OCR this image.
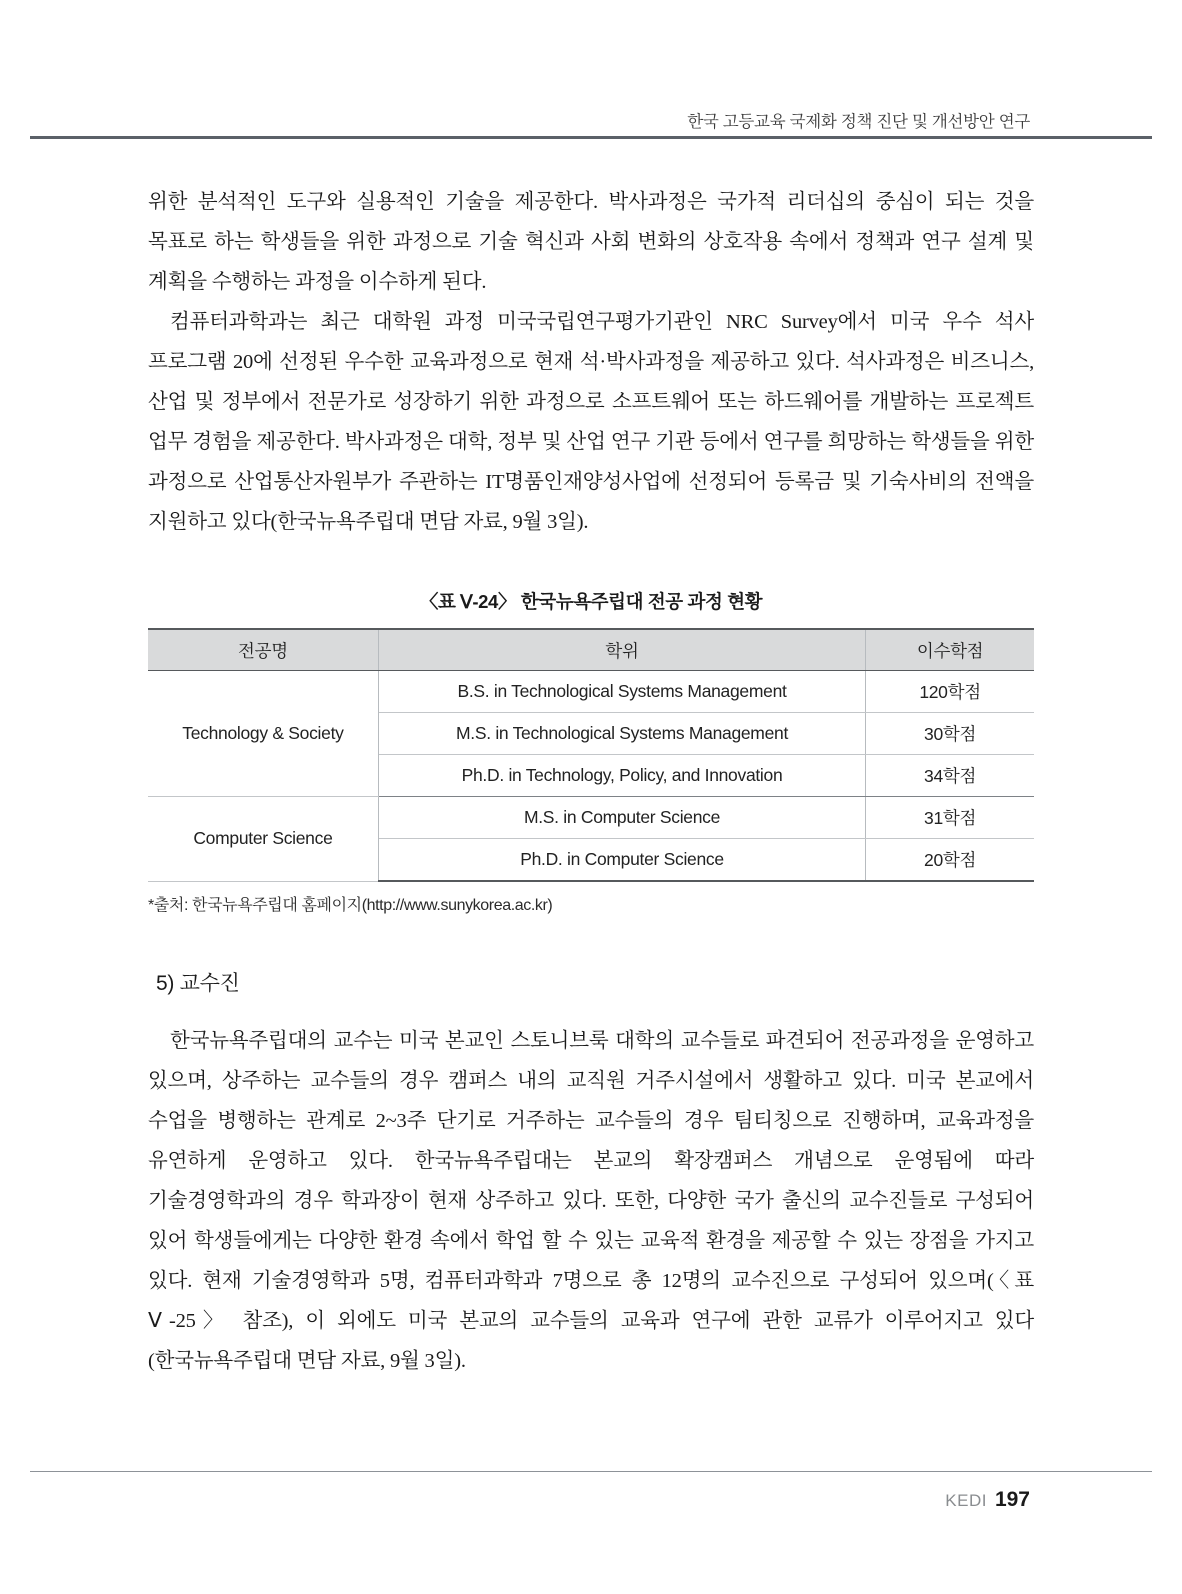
한국 고등교육 국제화 정책 진단 및 개선방안 연구

위한 분석적인 도구와 실용적인 기술을 제공한다. 박사과정은 국가적 리더십의 중심이 되는 것을 목표로 하는 학생들을 위한 과정으로 기술 혁신과 사회 변화의 상호작용 속에서 정책과 연구 설계 및 계획을 수행하는 과정을 이수하게 된다.

컴퓨터과학과는 최근 대학원 과정 미국국립연구평가기관인 NRC Survey에서 미국 우수 석사 프로그램 20에 선정된 우수한 교육과정으로 현재 석·박사과정을 제공하고 있다. 석사과정은 비즈니스, 산업 및 정부에서 전문가로 성장하기 위한 과정으로 소프트웨어 또는 하드웨어를 개발하는 프로젝트 업무 경험을 제공한다. 박사과정은 대학, 정부 및 산업 연구 기관 등에서 연구를 희망하는 학생들을 위한 과정으로 산업통산자원부가 주관하는 IT명품인재양성사업에 선정되어 등록금 및 기숙사비의 전액을 지원하고 있다(한국뉴욕주립대 면담 자료, 9월 3일).

〈표 Ⅴ-24〉 한국뉴욕주립대 전공 과정 현황
전공명	학위	이수학점
Technology & Society	B.S. in Technological Systems Management	120학점
	M.S. in Technological Systems Management	30학점
	Ph.D. in Technology, Policy, and Innovation	34학점
Computer Science	M.S. in Computer Science	31학점
	Ph.D. in Computer Science	20학점
*출처: 한국뉴욕주립대 홈페이지(http://www.sunykorea.ac.kr)
5) 교수진

한국뉴욕주립대의 교수는 미국 본교인 스토니브룩 대학의 교수들로 파견되어 전공과정을 운영하고 있으며, 상주하는 교수들의 경우 캠퍼스 내의 교직원 거주시설에서 생활하고 있다. 미국 본교에서 수업을 병행하는 관계로 2~3주 단기로 거주하는 교수들의 경우 팀티칭으로 진행하며, 교육과정을 유연하게 운영하고 있다. 한국뉴욕주립대는 본교의 확장캠퍼스 개념으로 운영됨에 따라 기술경영학과의 경우 학과장이 현재 상주하고 있다. 또한, 다양한 국가 출신의 교수진들로 구성되어 있어 학생들에게는 다양한 환경 속에서 학업 할 수 있는 교육적 환경을 제공할 수 있는 장점을 가지고 있다. 현재 기술경영학과 5명, 컴퓨터과학과 7명으로 총 12명의 교수진으로 구성되어 있으며(〈표 Ⅴ-25〉 참조), 이 외에도 미국 본교의 교수들의 교육과 연구에 관한 교류가 이루어지고 있다(한국뉴욕주립대 면담 자료, 9월 3일).

KEDI 197
